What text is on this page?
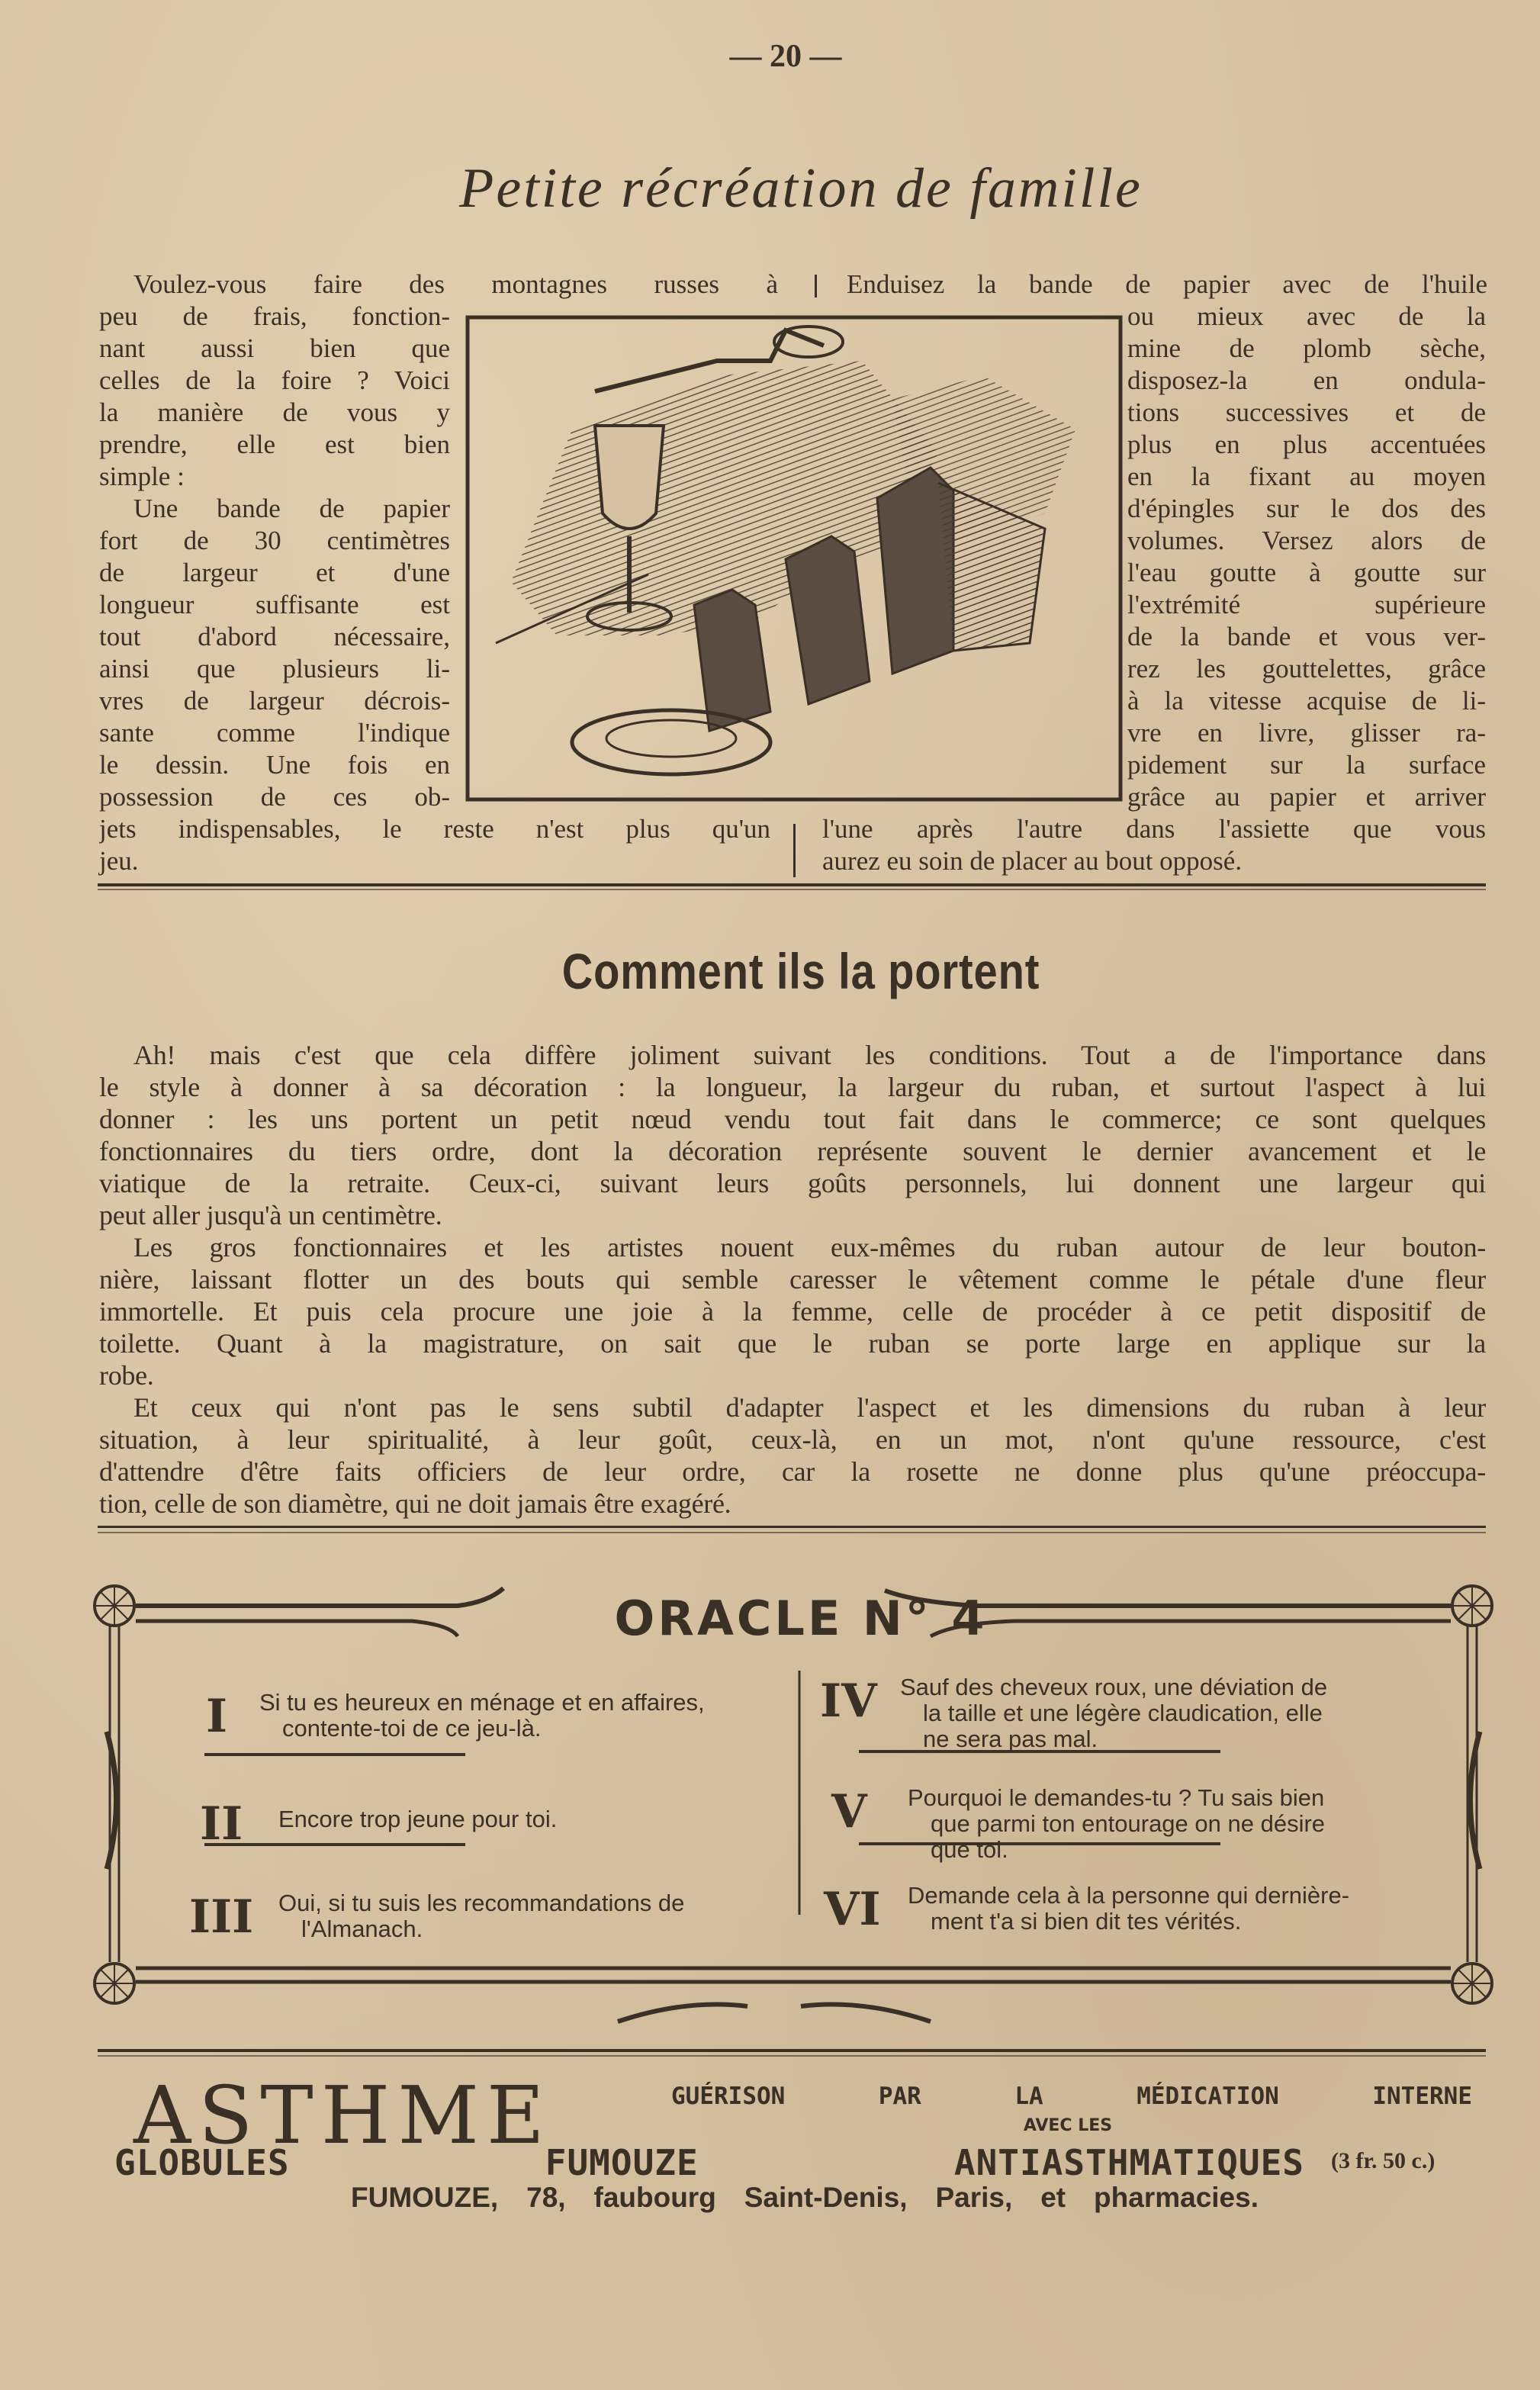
— 20 —
Petite récréation de famille
Voulez-vous faire des montagnes russes à
peu de frais, fonction-
nant aussi bien que
celles de la foire ? Voici
la manière de vous y
prendre, elle est bien
simple :
Une bande de papier
fort de 30 centimètres
de largeur et d'une
longueur suffisante est
tout d'abord nécessaire,
ainsi que plusieurs li-
vres de largeur décrois-
sante comme l'indique
le dessin. Une fois en
possession de ces ob-
jets indispensables, le reste n'est plus qu'un
jeu.
Enduisez la bande de papier avec de l'huile
ou mieux avec de la
mine de plomb sèche,
disposez-la en ondula-
tions successives et de
plus en plus accentuées
en la fixant au moyen
d'épingles sur le dos des
volumes. Versez alors de
l'eau goutte à goutte sur
l'extrémité supérieure
de la bande et vous ver-
rez les gouttelettes, grâce
à la vitesse acquise de li-
vre en livre, glisser ra-
pidement sur la surface
grâce au papier et arriver
l'une après l'autre dans l'assiette que vous
aurez eu soin de placer au bout opposé.
Comment ils la portent
Ah! mais c'est que cela diffère joliment suivant les conditions. Tout a de l'importance dans
le style à donner à sa décoration : la longueur, la largeur du ruban, et surtout l'aspect à lui
donner : les uns portent un petit nœud vendu tout fait dans le commerce; ce sont quelques
fonctionnaires du tiers ordre, dont la décoration représente souvent le dernier avancement et le
viatique de la retraite. Ceux-ci, suivant leurs goûts personnels, lui donnent une largeur qui
peut aller jusqu'à un centimètre.
Les gros fonctionnaires et les artistes nouent eux-mêmes du ruban autour de leur bouton-
nière, laissant flotter un des bouts qui semble caresser le vêtement comme le pétale d'une fleur
immortelle. Et puis cela procure une joie à la femme, celle de procéder à ce petit dispositif de
toilette. Quant à la magistrature, on sait que le ruban se porte large en applique sur la
robe.
Et ceux qui n'ont pas le sens subtil d'adapter l'aspect et les dimensions du ruban à leur
situation, à leur spiritualité, à leur goût, ceux-là, en un mot, n'ont qu'une ressource, c'est
d'attendre d'être faits officiers de leur ordre, car la rosette ne donne plus qu'une préoccupa-
tion, celle de son diamètre, qui ne doit jamais être exagéré.
ORACLE N° 4
I Si tu es heureux en ménage et en affaires,
contente-toi de ce jeu-là.
II Encore trop jeune pour toi.
III Oui, si tu suis les recommandations de
l'Almanach.
IV Sauf des cheveux roux, une déviation de
la taille et une légère claudication, elle
ne sera pas mal.
V Pourquoi le demandes-tu ? Tu sais bien
que parmi ton entourage on ne désire
que toi.
VI Demande cela à la personne qui dernière-
ment t'a si bien dit tes vérités.
ASTHME	GUÉRISON PAR LA MÉDICATION INTERNE
AVEC LES
GLOBULES FUMOUZE ANTIASTHMATIQUES (3 fr. 50 c.)
FUMOUZE, 78, faubourg Saint-Denis, Paris, et pharmacies.
